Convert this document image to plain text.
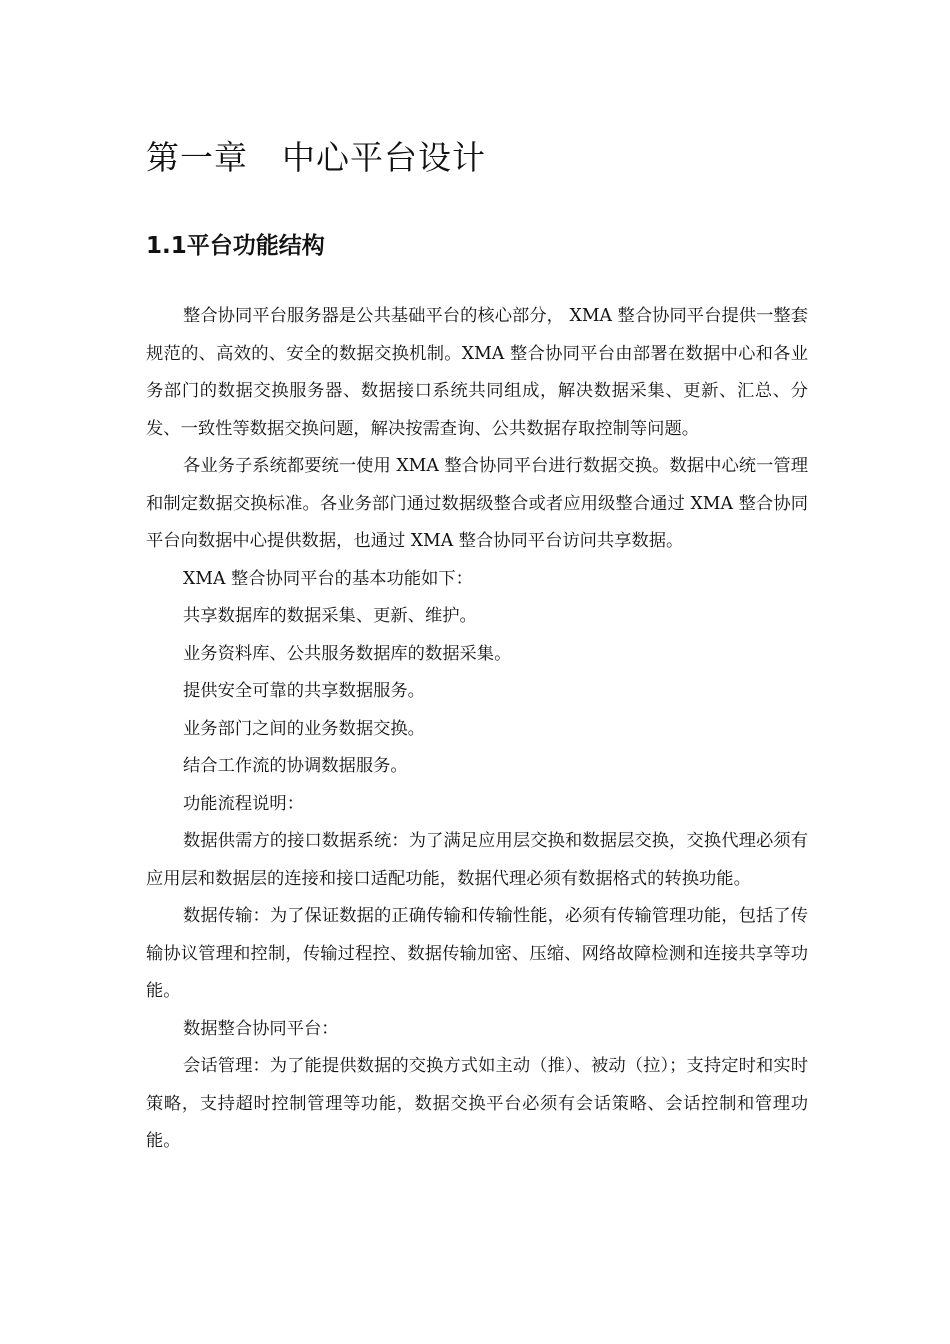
第一章　中心平台设计
1.1平台功能结构

整合协同平台服务器是公共基础平台的核心部分， XMA 整合协同平台提供一整套规范的、高效的、安全的数据交换机制。XMA 整合协同平台由部署在数据中心和各业务部门的数据交换服务器、数据接口系统共同组成，解决数据采集、更新、汇总、分发、一致性等数据交换问题，解决按需查询、公共数据存取控制等问题。

各业务子系统都要统一使用 XMA 整合协同平台进行数据交换。数据中心统一管理和制定数据交换标准。各业务部门通过数据级整合或者应用级整合通过 XMA 整合协同平台向数据中心提供数据，也通过 XMA 整合协同平台访问共享数据。

XMA 整合协同平台的基本功能如下：

共享数据库的数据采集、更新、维护。

业务资料库、公共服务数据库的数据采集。

提供安全可靠的共享数据服务。

业务部门之间的业务数据交换。

结合工作流的协调数据服务。

功能流程说明：

数据供需方的接口数据系统：为了满足应用层交换和数据层交换，交换代理必须有应用层和数据层的连接和接口适配功能，数据代理必须有数据格式的转换功能。

数据传输：为了保证数据的正确传输和传输性能，必须有传输管理功能，包括了传输协议管理和控制，传输过程控、数据传输加密、压缩、网络故障检测和连接共享等功能。

数据整合协同平台：

会话管理：为了能提供数据的交换方式如主动（推）、被动（拉）；支持定时和实时策略，支持超时控制管理等功能，数据交换平台必须有会话策略、会话控制和管理功能。
